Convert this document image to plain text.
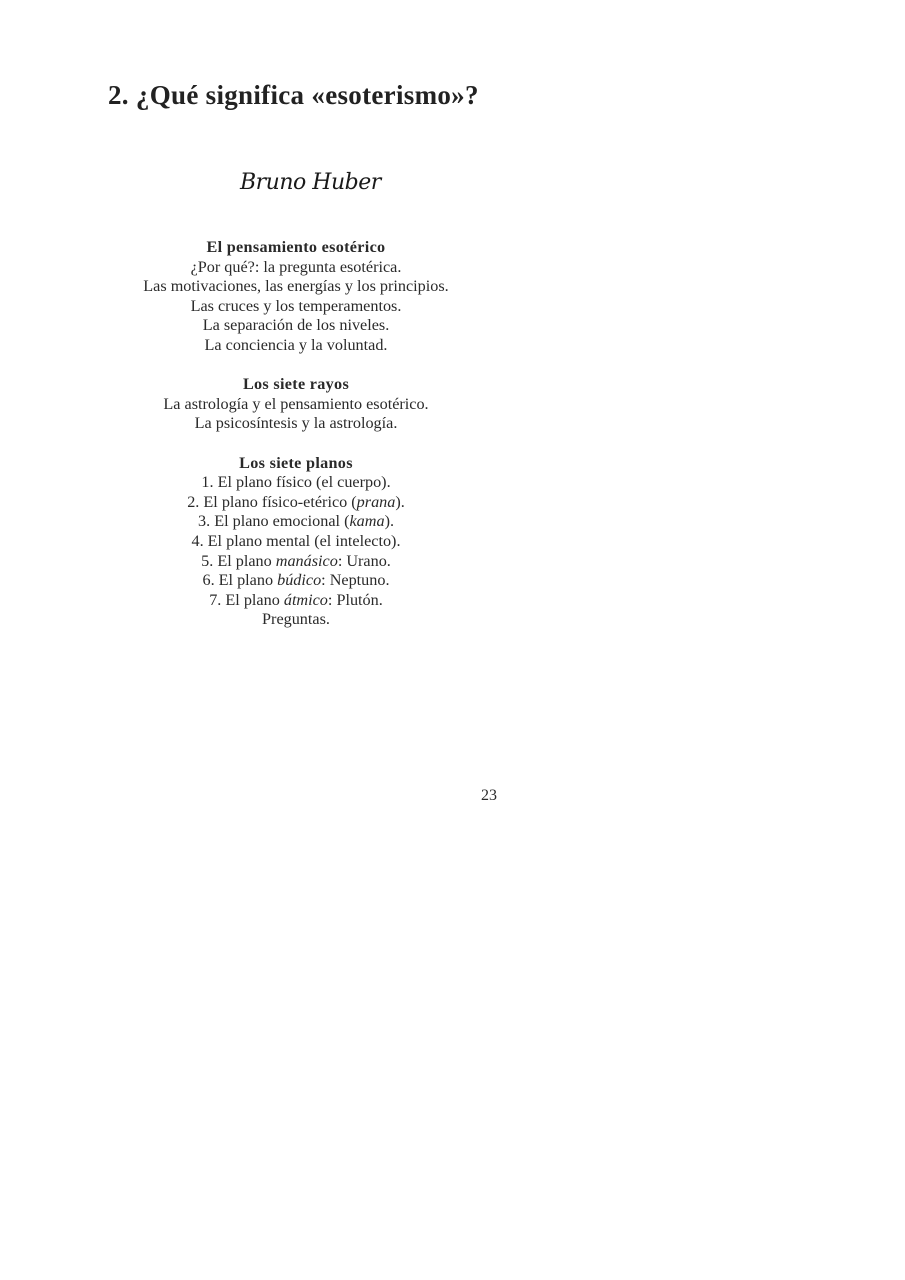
2. ¿Qué significa «esoterismo»?
Bruno Huber
El pensamiento esotérico
¿Por qué?: la pregunta esotérica.
Las motivaciones, las energías y los principios.
Las cruces y los temperamentos.
La separación de los niveles.
La conciencia y la voluntad.
Los siete rayos
La astrología y el pensamiento esotérico.
La psicosíntesis y la astrología.
Los siete planos
1. El plano físico (el cuerpo).
2. El plano físico-etérico (prana).
3. El plano emocional (kama).
4. El plano mental (el intelecto).
5. El plano manásico: Urano.
6. El plano búdico: Neptuno.
7. El plano átmico: Plutón.
Preguntas.
23
